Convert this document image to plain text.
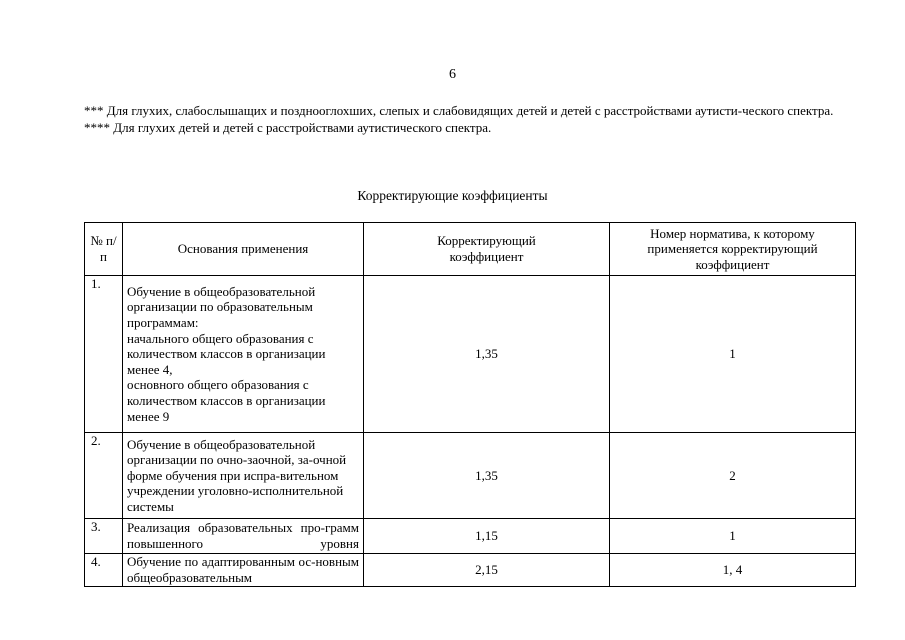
6

*** Для глухих, слабослышащих и позднооглохших, слепых и слабовидящих детей и детей с расстройствами аутисти-ческого спектра.

**** Для глухих детей и детей с расстройствами аутистического спектра.

Корректирующие коэффициенты
№ п/п	Основания применения	Корректирующий коэффициент	Номер норматива, к которому применяется корректирующий коэффициент
1.	Обучение в общеобразовательной организации по образовательным программам:
начального общего образования с количеством классов в организации менее 4,
основного общего образования с количеством классов в организации менее 9	1,35	1
2.	Обучение в общеобразовательной организации по очно-заочной, за-очной форме обучения при испра-вительном учреждении уголовно-исполнительной системы	1,35	2
3.	Реализация образовательных про-грамм повышенного уровня	1,15	1
4.	Обучение по адаптированным ос-новным общеобразовательным	2,15	1, 4
